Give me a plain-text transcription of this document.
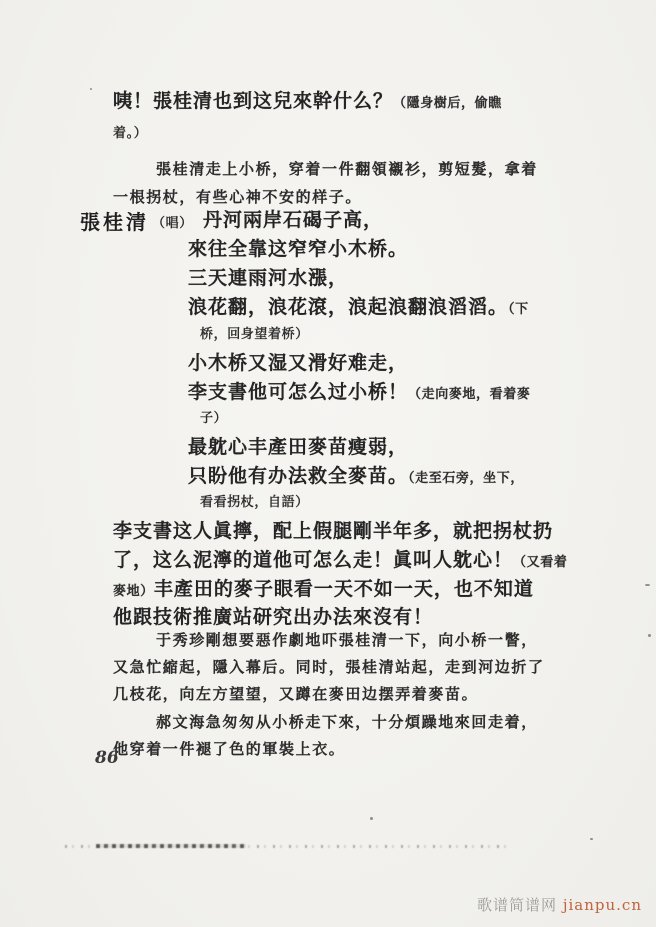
咦！張桂清也到这兒來幹什么？（隱身樹后，偷瞧
着。）
張桂清走上小桥，穿着一件翻領襯衫，剪短髮，拿着
一根拐杖，有些心神不安的样子。
張桂清 （唱） 丹河兩岸石碣子高，
來往全靠这窄窄小木桥。
三天連雨河水漲，
浪花翻，浪花滾，浪起浪翻浪滔滔。（下
桥，回身望着桥）
小木桥又湿又滑好难走，
李支書他可怎么过小桥！（走向麥地，看着麥
子）
最躭心丰產田麥苗瘦弱，
只盼他有办法救全麥苗。（走至石旁，坐下，
看看拐杖，自語）
李支書这人眞擰，配上假腿剛半年多，就把拐杖扔
了，这么泥濘的道他可怎么走！眞叫人躭心！（又看着
麥地）丰產田的麥子眼看一天不如一天，也不知道
他跟技術推廣站研究出办法來沒有！
于秀珍剛想要惡作劇地吓張桂清一下，向小桥一瞥，
又急忙縮起，隱入幕后。同时，張桂清站起，走到河边折了
几枝花，向左方望望，又蹲在麥田边摆弄着麥苗。
郝文海急匆匆从小桥走下來，十分煩躁地來回走着，
他穿着一件褪了色的軍裝上衣。
86
歌谱简谱网 jianpu.cn
